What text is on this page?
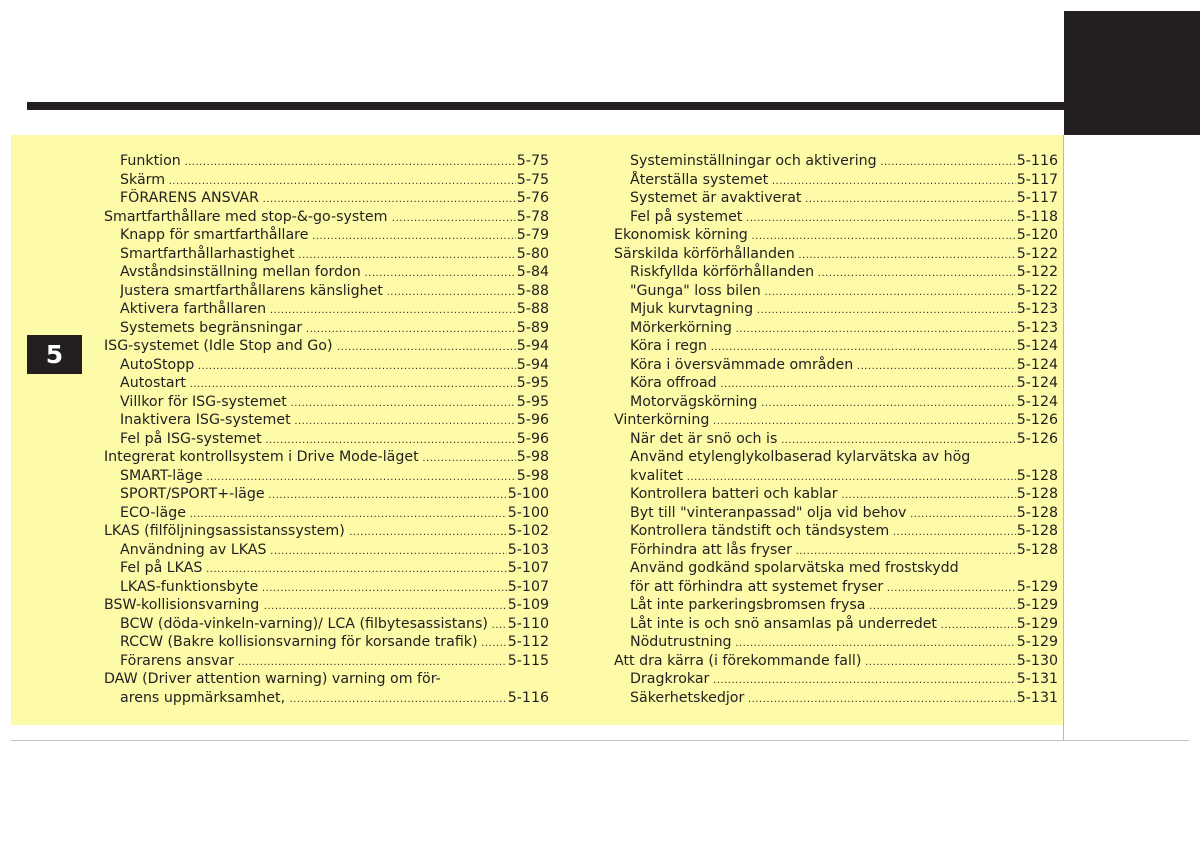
5
Funktion .....	5-75
Skärm .....	5-75
FÖRARENS ANSVAR .....	5-76
Smartfarthållare med stop-&-go-system .....	5-78
Knapp för smartfarthållare .....	5-79
Smartfarthållarhastighet .....	5-80
Avståndsinställning mellan fordon .....	5-84
Justera smartfarthållarens känslighet .....	5-88
Aktivera farthållaren .....	5-88
Systemets begränsningar .....	5-89
ISG-systemet (Idle Stop and Go) .....	5-94
AutoStopp .....	5-94
Autostart .....	5-95
Villkor för ISG-systemet .....	5-95
Inaktivera ISG-systemet .....	5-96
Fel på ISG-systemet .....	5-96
Integrerat kontrollsystem i Drive Mode-läget .....	5-98
SMART-läge .....	5-98
SPORT/SPORT+-läge .....	5-100
ECO-läge .....	5-100
LKAS (filföljningsassistanssystem) .....	5-102
Användning av LKAS .....	5-103
Fel på LKAS .....	5-107
LKAS-funktionsbyte .....	5-107
BSW-kollisionsvarning .....	5-109
BCW (döda-vinkeln-varning)/ LCA (filbytesassistans) .....	5-110
RCCW (Bakre kollisionsvarning för korsande trafik) .....	5-112
Förarens ansvar .....	5-115
DAW (Driver attention warning) varning om för-
arens uppmärksamhet, .....	5-116
Systeminställningar och aktivering .....	5-116
Återställa systemet .....	5-117
Systemet är avaktiverat .....	5-117
Fel på systemet .....	5-118
Ekonomisk körning .....	5-120
Särskilda körförhållanden .....	5-122
Riskfyllda körförhållanden .....	5-122
"Gunga" loss bilen .....	5-122
Mjuk kurvtagning .....	5-123
Mörkerkörning .....	5-123
Köra i regn .....	5-124
Köra i översvämmade områden .....	5-124
Köra offroad .....	5-124
Motorvägskörning .....	5-124
Vinterkörning .....	5-126
När det är snö och is .....	5-126
Använd etylenglykolbaserad kylarvätska av hög
kvalitet .....	5-128
Kontrollera batteri och kablar .....	5-128
Byt till "vinteranpassad" olja vid behov .....	5-128
Kontrollera tändstift och tändsystem .....	5-128
Förhindra att lås fryser .....	5-128
Använd godkänd spolarvätska med frostskydd
för att förhindra att systemet fryser .....	5-129
Låt inte parkeringsbromsen frysa .....	5-129
Låt inte is och snö ansamlas på underredet .....	5-129
Nödutrustning .....	5-129
Att dra kärra (i förekommande fall) .....	5-130
Dragkrokar .....	5-131
Säkerhetskedjor .....	5-131
